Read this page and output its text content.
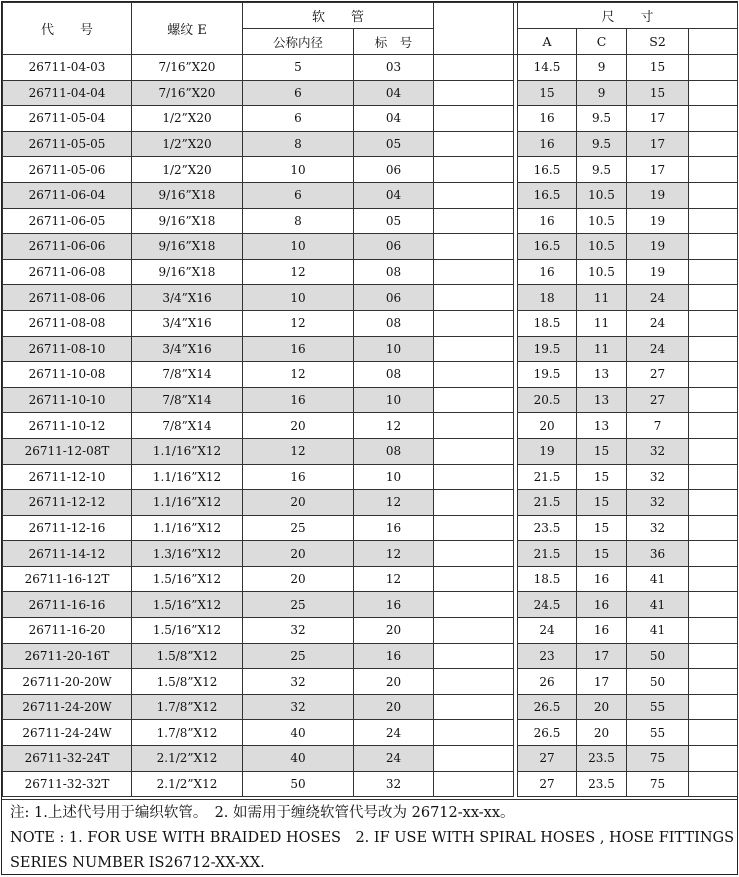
代　　号	螺纹 E	软　　管				尺　　寸			
		公称内径	标　号			A	C	S2	
26711-04-03	7/16”X20	5	03			14.5	9	15	
26711-04-04	7/16”X20	6	04			15	9	15	
26711-05-04	1/2”X20	6	04			16	9.5	17	
26711-05-05	1/2”X20	8	05			16	9.5	17	
26711-05-06	1/2”X20	10	06			16.5	9.5	17	
26711-06-04	9/16”X18	6	04			16.5	10.5	19	
26711-06-05	9/16”X18	8	05			16	10.5	19	
26711-06-06	9/16”X18	10	06			16.5	10.5	19	
26711-06-08	9/16”X18	12	08			16	10.5	19	
26711-08-06	3/4”X16	10	06			18	11	24	
26711-08-08	3/4”X16	12	08			18.5	11	24	
26711-08-10	3/4”X16	16	10			19.5	11	24	
26711-10-08	7/8”X14	12	08			19.5	13	27	
26711-10-10	7/8”X14	16	10			20.5	13	27	
26711-10-12	7/8”X14	20	12			20	13	7	
26711-12-08T	1.1/16”X12	12	08			19	15	32	
26711-12-10	1.1/16”X12	16	10			21.5	15	32	
26711-12-12	1.1/16”X12	20	12			21.5	15	32	
26711-12-16	1.1/16”X12	25	16			23.5	15	32	
26711-14-12	1.3/16”X12	20	12			21.5	15	36	
26711-16-12T	1.5/16”X12	20	12			18.5	16	41	
26711-16-16	1.5/16”X12	25	16			24.5	16	41	
26711-16-20	1.5/16”X12	32	20			24	16	41	
26711-20-16T	1.5/8”X12	25	16			23	17	50	
26711-20-20W	1.5/8”X12	32	20			26	17	50	
26711-24-20W	1.7/8”X12	32	20			26.5	20	55	
26711-24-24W	1.7/8”X12	40	24			26.5	20	55	
26711-32-24T	2.1/2”X12	40	24			27	23.5	75	
26711-32-32T	2.1/2”X12	50	32			27	23.5	75	

注: 1.上述代号用于编织软管。　2. 如需用于缠绕软管代号改为 26712-xx-xx。

NOTE : 1. FOR USE WITH BRAIDED HOSES　2. IF USE WITH SPIRAL HOSES , HOSE FITTINGS

SERIES NUMBER IS26712-XX-XX.
